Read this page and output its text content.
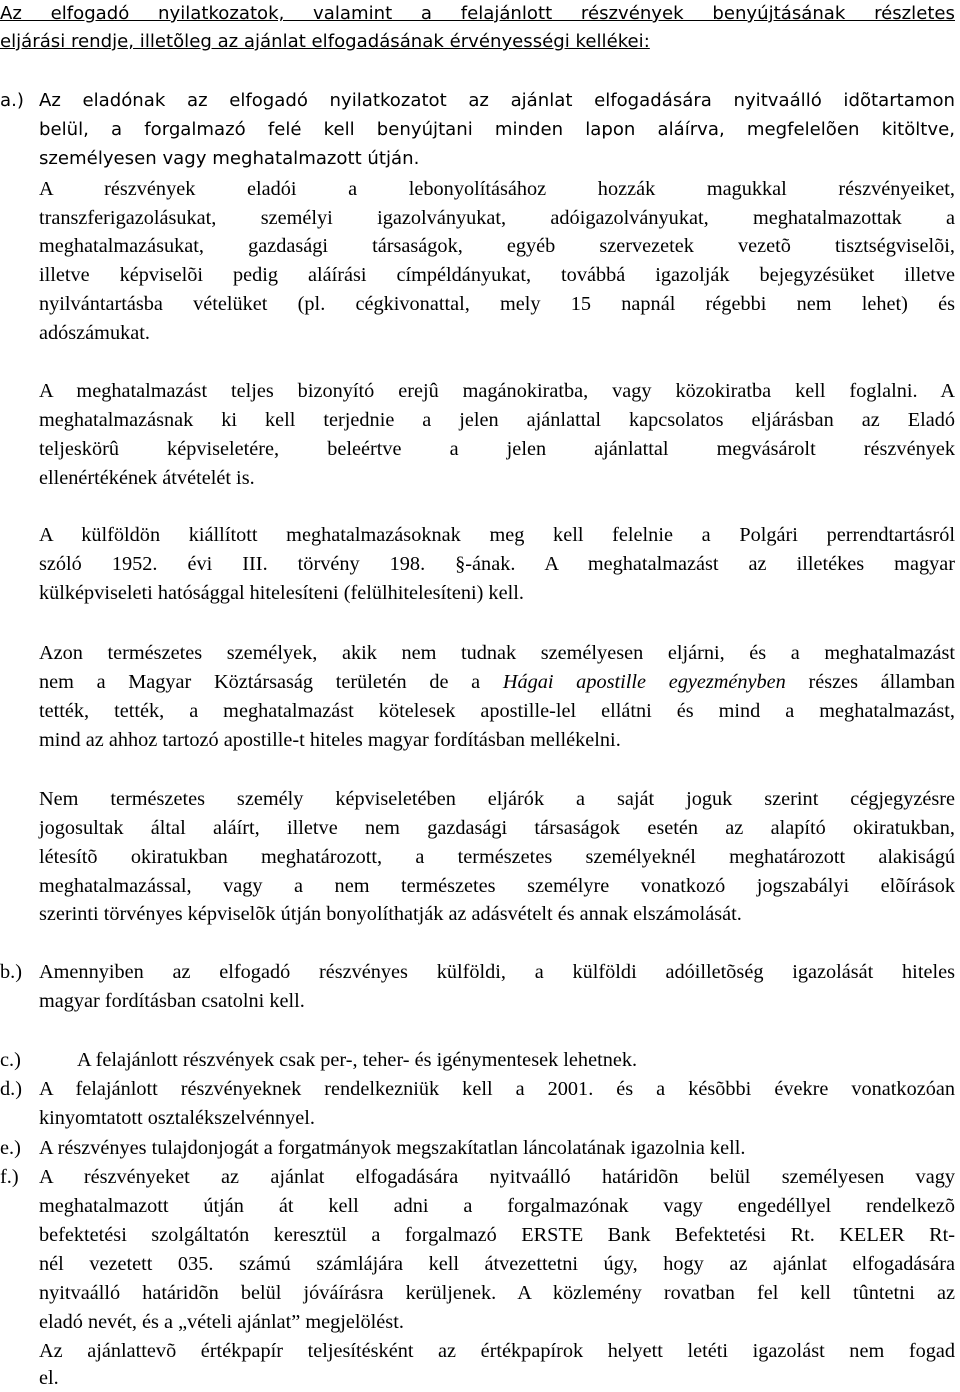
Az elfogadó nyilatkozatok, valamint a felajánlott részvények benyújtásának részletes
eljárási rendje, illetõleg az ajánlat elfogadásának érvényességi kellékei:
a.) Az eladónak az elfogadó nyilatkozatot az ajánlat elfogadására nyitvaálló idõtartamon
belül, a forgalmazó felé kell benyújtani minden lapon aláírva, megfelelõen kitöltve,
személyesen vagy meghatalmazott útján.
A részvények eladói a lebonyolításához hozzák magukkal részvényeiket,
transzferigazolásukat, személyi igazolványukat, adóigazolványukat, meghatalmazottak a
meghatalmazásukat, gazdasági társaságok, egyéb szervezetek vezetõ tisztségviselõi,
illetve képviselõi pedig aláírási címpéldányukat, továbbá igazolják bejegyzésüket illetve
nyilvántartásba vételüket (pl. cégkivonattal, mely 15 napnál régebbi nem lehet) és
adószámukat.
A meghatalmazást teljes bizonyító erejû magánokiratba, vagy közokiratba kell foglalni. A
meghatalmazásnak ki kell terjednie a jelen ajánlattal kapcsolatos eljárásban az Eladó
teljeskörû képviseletére, beleértve a jelen ajánlattal megvásárolt részvények
ellenértékének átvételét is.
A külföldön kiállított meghatalmazásoknak meg kell felelnie a Polgári perrendtartásról
szóló 1952. évi III. törvény 198. §-ának. A meghatalmazást az illetékes magyar
külképviseleti hatósággal hitelesíteni (felülhitelesíteni) kell.
Azon természetes személyek, akik nem tudnak személyesen eljárni, és a meghatalmazást
nem a Magyar Köztársaság területén de a Hágai apostille egyezményben részes államban
tették, tették, a meghatalmazást kötelesek apostille-lel ellátni és mind a meghatalmazást,
mind az ahhoz tartozó apostille-t hiteles magyar fordításban mellékelni.
Nem természetes személy képviseletében eljárók a saját joguk szerint cégjegyzésre
jogosultak által aláírt, illetve nem gazdasági társaságok esetén az alapító okiratukban,
létesítõ okiratukban meghatározott, a természetes személyeknél meghatározott alakiságú
meghatalmazással, vagy a nem természetes személyre vonatkozó jogszabályi elõírások
szerinti törvényes képviselõk útján bonyolíthatják az adásvételt és annak elszámolását.
b.) Amennyiben az elfogadó részvényes külföldi, a külföldi adóilletõség igazolását hiteles
magyar fordításban csatolni kell.
c.)	A felajánlott részvények csak per-, teher- és igénymentesek lehetnek.
d.) A felajánlott részvényeknek rendelkezniük kell a 2001. és a késõbbi évekre vonatkozóan
kinyomtatott osztalékszelvénnyel.
e.) A részvényes tulajdonjogát a forgatmányok megszakítatlan láncolatának igazolnia kell.
f.)	A részvényeket az ajánlat elfogadására nyitvaálló határidõn belül személyesen vagy
meghatalmazott útján át kell adni a forgalmazónak vagy engedéllyel rendelkezõ
befektetési szolgáltatón keresztül a forgalmazó ERSTE Bank Befektetési Rt. KELER Rt-
nél vezetett 035. számú számlájára kell átvezettetni úgy, hogy az ajánlat elfogadására
nyitvaálló határidõn belül jóváírásra kerüljenek. A közlemény rovatban fel kell tûntetni az
eladó nevét, és a „vételi ajánlat” megjelölést.
Az ajánlattevõ értékpapír teljesítésként az értékpapírok helyett letéti igazolást nem fogad
el.
